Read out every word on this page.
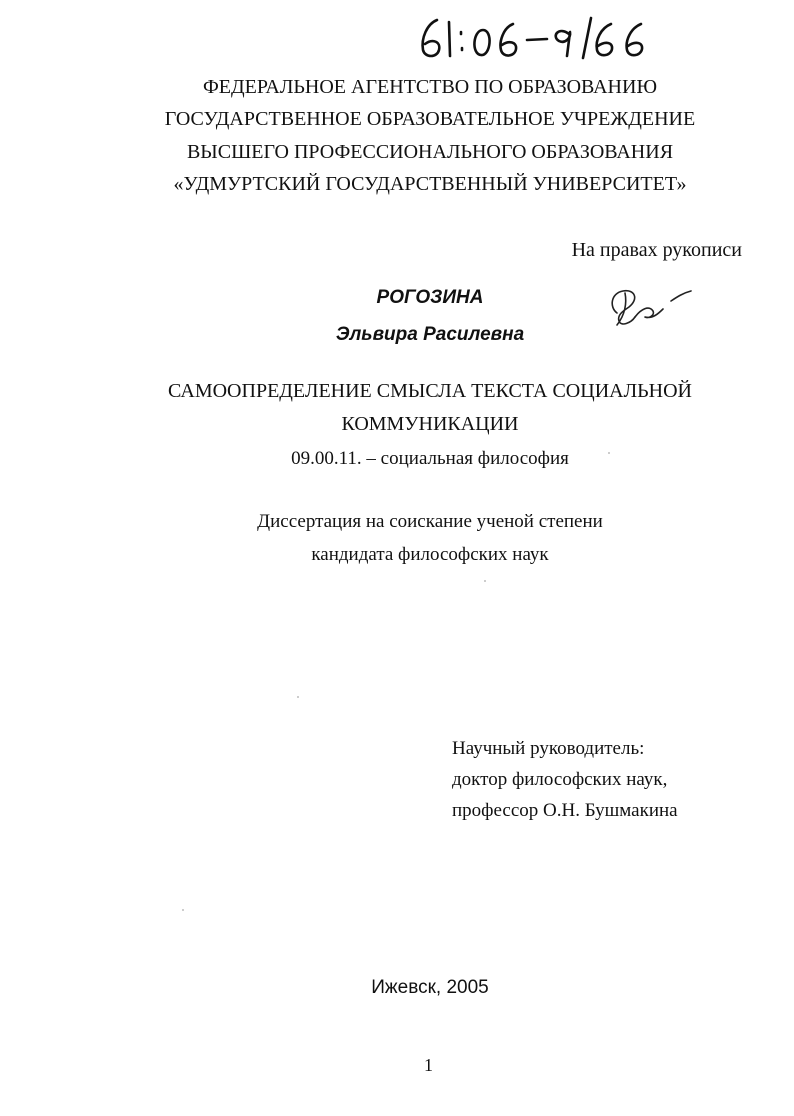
ФЕДЕРАЛЬНОЕ АГЕНТСТВО ПО ОБРАЗОВАНИЮ
ГОСУДАРСТВЕННОЕ ОБРАЗОВАТЕЛЬНОЕ УЧРЕЖДЕНИЕ
ВЫСШЕГО ПРОФЕССИОНАЛЬНОГО ОБРАЗОВАНИЯ
«УДМУРТСКИЙ ГОСУДАРСТВЕННЫЙ УНИВЕРСИТЕТ»
На правах рукописи
РОГОЗИНА
Эльвира Расилевна
САМООПРЕДЕЛЕНИЕ СМЫСЛА ТЕКСТА СОЦИАЛЬНОЙ
КОММУНИКАЦИИ
09.00.11. – социальная философия
Диссертация на соискание ученой степени
кандидата философских наук
Научный руководитель:
доктор философских наук,
профессор О.Н. Бушмакина
Ижевск, 2005
1
